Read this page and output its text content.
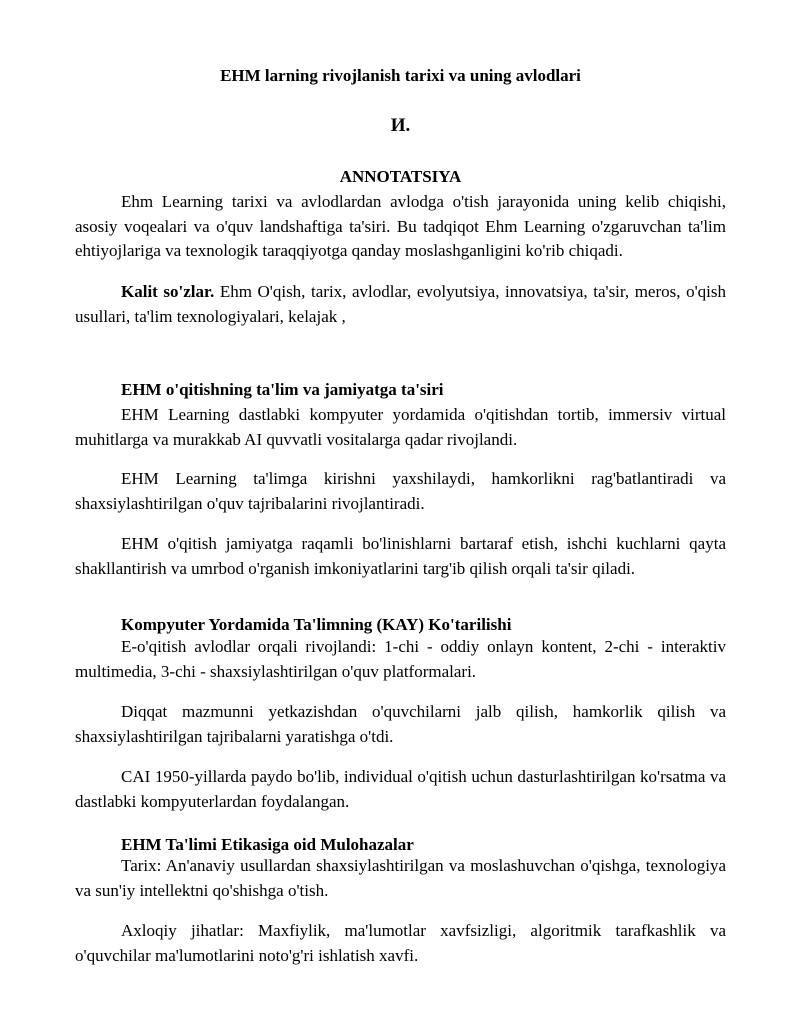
EHM larning rivojlanish tarixi va uning avlodlari
И.
ANNOTATSIYA

Ehm Learning tarixi va avlodlardan avlodga o'tish jarayonida uning kelib chiqishi, asosiy voqealari va o'quv landshaftiga ta'siri. Bu tadqiqot Ehm Learning o'zgaruvchan ta'lim ehtiyojlariga va texnologik taraqqiyotga qanday moslashganligini ko'rib chiqadi.

Kalit so'zlar. Ehm O'qish, tarix, avlodlar, evolyutsiya, innovatsiya, ta'sir, meros, o'qish usullari, ta'lim texnologiyalari, kelajak ,

EHM o'qitishning ta'lim va jamiyatga ta'siri

EHM Learning dastlabki kompyuter yordamida o'qitishdan tortib, immersiv virtual muhitlarga va murakkab AI quvvatli vositalarga qadar rivojlandi.

EHM Learning ta'limga kirishni yaxshilaydi, hamkorlikni rag'batlantiradi va shaxsiylashtirilgan o'quv tajribalarini rivojlantiradi.

EHM o'qitish jamiyatga raqamli bo'linishlarni bartaraf etish, ishchi kuchlarni qayta shakllantirish va umrbod o'rganish imkoniyatlarini targ'ib qilish orqali ta'sir qiladi.

Kompyuter Yordamida Ta'limning (KAY) Ko'tarilishi

E-o'qitish avlodlar orqali rivojlandi: 1-chi - oddiy onlayn kontent, 2-chi - interaktiv multimedia, 3-chi - shaxsiylashtirilgan o'quv platformalari.

Diqqat mazmunni yetkazishdan o'quvchilarni jalb qilish, hamkorlik qilish va shaxsiylashtirilgan tajribalarni yaratishga o'tdi.

CAI 1950-yillarda paydo bo'lib, individual o'qitish uchun dasturlashtirilgan ko'rsatma va dastlabki kompyuterlardan foydalangan.

EHM Ta'limi Etikasiga oid Mulohazalar

Tarix: An'anaviy usullardan shaxsiylashtirilgan va moslashuvchan o'qishga, texnologiya va sun'iy intellektni qo'shishga o'tish.

Axloqiy jihatlar: Maxfiylik, ma'lumotlar xavfsizligi, algoritmik tarafkashlik va o'quvchilar ma'lumotlarini noto'g'ri ishlatish xavfi.
